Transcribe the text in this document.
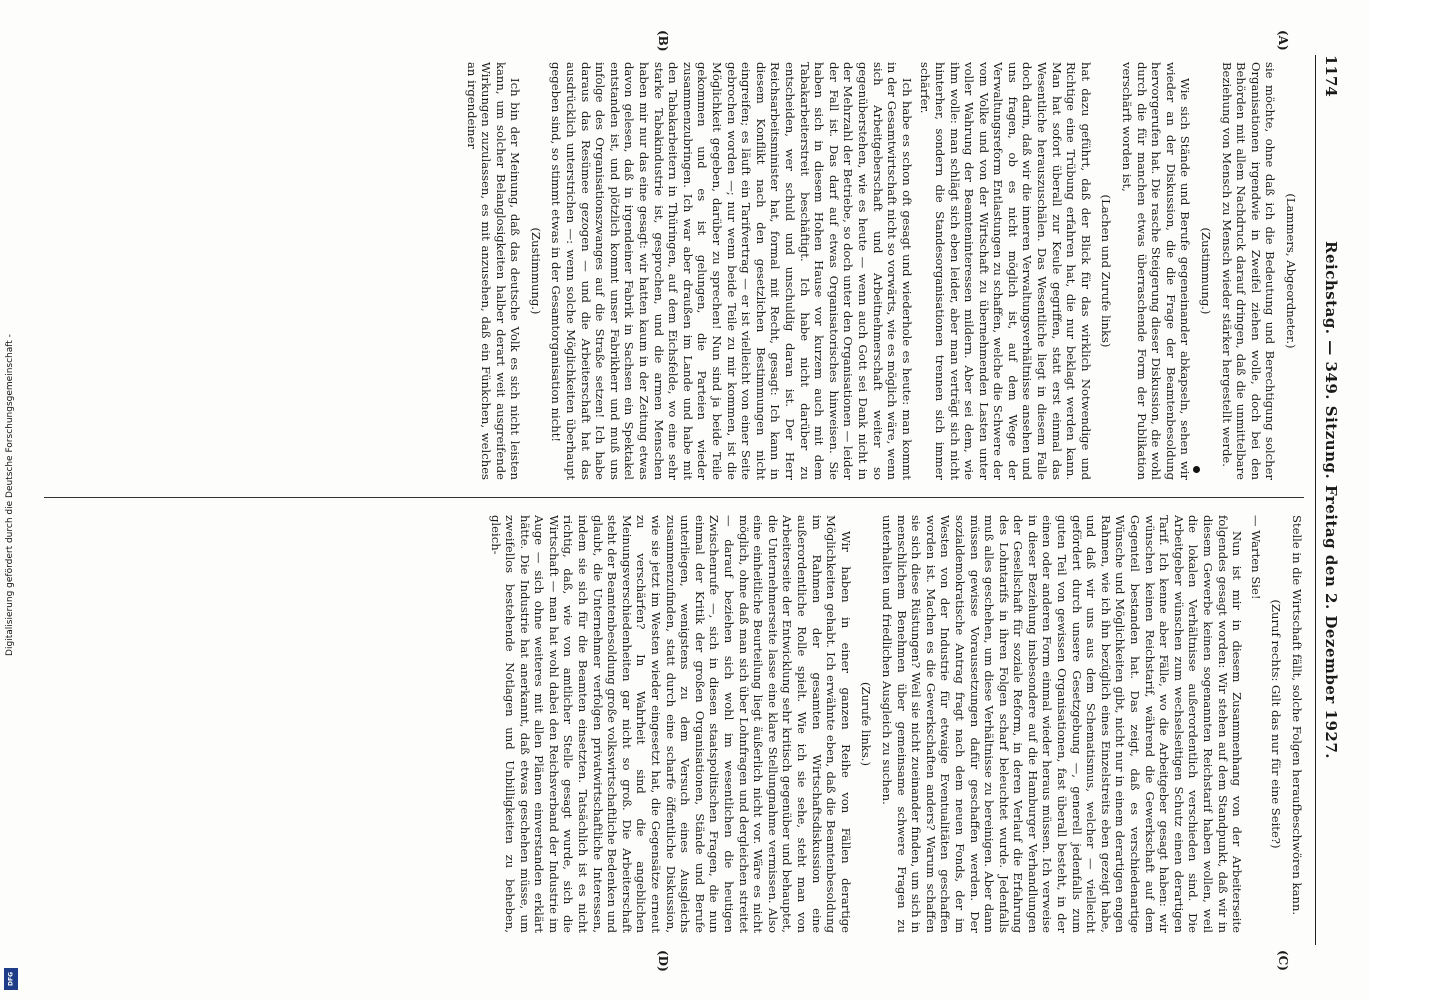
1174
Reichstag. — 349. Sitzung. Freitag den 2. Dezember 1927.
(A)
(B)
(C)
(D)

(Lammers, Abgeordneter.)

sie möchte, ohne daß ich die Bedeutung und Berechtigung solcher Organisationen irgendwie in Zweifel ziehen wolle, doch bei den Behörden mit allem Nachdruck darauf dringen, daß die unmittelbare Beziehung von Mensch zu Mensch wieder stärker hergestellt werde.

(Zustimmung.)

Wie sich Stände und Berufe gegeneinander abkapseln, sehen wir wieder an der Diskussion, die die Frage der Beamtenbesoldung hervorgerufen hat. Die rasche Steigerung dieser Diskussion, die wohl durch die für manchen etwas überraschende Form der Publikation verschärft worden ist,

(Lachen und Zurufe links)

hat dazu geführt, daß der Blick für das wirklich Notwendige und Richtige eine Trübung erfahren hat, die nur beklagt werden kann. Man hat sofort überall zur Keule gegriffen, statt erst einmal das Wesentliche herauszuschälen. Das Wesentliche liegt in diesem Falle doch darin, daß wir die inneren Verwaltungsverhältnisse ansehen und uns fragen, ob es nicht möglich ist, auf dem Wege der Verwaltungsreform Entlastungen zu schaffen, welche die Schwere der vom Volke und von der Wirtschaft zu übernehmenden Lasten unter voller Wahrung der Beamteninteressen mildern. Aber sei dem, wie ihm wolle: man schlägt sich eben leider, aber man verträgt sich nicht hinterher, sondern die Standesorganisationen trennen sich immer schärfer.

Ich habe es schon oft gesagt und wiederhole es heute: man kommt in der Gesamtwirtschaft nicht so vorwärts, wie es möglich wäre, wenn sich Arbeitgeberschaft und Arbeitnehmerschaft weiter so gegenüberstehen, wie es heute — wenn auch Gott sei Dank nicht in der Mehrzahl der Betriebe, so doch unter den Organisationen — leider der Fall ist. Das darf auf etwas Organisatorisches hinweisen. Sie haben sich in diesem Hohen Hause vor kurzem auch mit dem Tabakarbeiterstreit beschäftigt. Ich habe nicht darüber zu entscheiden, wer schuld und unschuldig daran ist. Der Herr Reichsarbeitsminister hat, formal mit Recht, gesagt: Ich kann in diesem Konflikt nach den gesetzlichen Bestimmungen nicht eingreifen; es läuft ein Tarifvertrag — er ist vielleicht von einer Seite gebrochen worden —; nur wenn beide Teile zu mir kommen, ist die Möglichkeit gegeben, darüber zu sprechen! Nun sind ja beide Teile gekommen und es ist gelungen, die Parteien wieder zusammenzubringen. Ich war aber draußen im Lande und habe mit den Tabakarbeitern in Thüringen, auf dem Eichsfelde, wo eine sehr starke Tabakindustrie ist, gesprochen, und die armen Menschen haben mir nur das eine gesagt: wir hatten kaum in der Zeitung etwas davon gelesen, daß in irgendeiner Fabrik in Sachsen ein Spektakel entstanden ist, und plötzlich kommt unser Fabrikherr und muß uns infolge des Organisationszwanges auf die Straße setzen! Ich habe daraus das Resümee gezogen — und die Arbeiterschaft hat das ausdrücklich unterstrichen —: wenn solche Möglichkeiten überhaupt gegeben sind, so stimmt etwas in der Gesamtorganisation nicht!

(Zustimmung.)

Ich bin der Meinung, daß das deutsche Volk es sich nicht leisten kann, um solcher Belanglosigkeiten halber derart weit ausgreifende Wirkungen zuzulassen, es mit anzusehen, daß ein Fünkchen, welches an irgendeiner

Stelle in die Wirtschaft fällt, solche Folgen heraufbeschwören kann.

(Zuruf rechts: Gilt das nur für eine Seite?)

— Warten Sie!

Nun ist mir in diesem Zusammenhang von der Arbeiterseite folgendes gesagt worden: Wir stehen auf dem Standpunkt, daß wir in diesem Gewerbe keinen sogenannten Reichstarif haben wollen, weil die lokalen Verhältnisse außerordentlich verschieden sind. Die Arbeitgeber wünschen zum wechselseitigen Schutz einen derartigen Tarif. Ich kenne aber Fälle, wo die Arbeitgeber gesagt haben: wir wünschen keinen Reichstarif, während die Gewerkschaft auf dem Gegenteil bestanden hat. Das zeigt, daß es verschiedenartige Wünsche und Möglichkeiten gibt, nicht nur in einem derartigen engen Rahmen, wie ich ihn bezüglich eines Einzelstreits eben gezeigt habe, und daß wir uns aus dem Schematismus, welcher — vielleicht gefördert durch unsere Gesetzgebung —, generell jedenfalls zum guten Teil von gewissen Organisationen, fast überall besteht, in der einen oder anderen Form einmal wieder heraus müssen. Ich verweise in dieser Beziehung insbesondere auf die Hamburger Verhandlungen der Gesellschaft für soziale Reform, in deren Verlauf die Erfahrung des Lohntarifs in ihren Folgen scharf beleuchtet wurde. Jedenfalls muß alles geschehen, um diese Verhältnisse zu bereinigen. Aber dann müssen gewisse Voraussetzungen dafür geschaffen werden. Der sozialdemokratische Antrag fragt nach dem neuen Fonds, der im Westen von der Industrie für etwaige Eventualitäten geschaffen worden ist. Machen es die Gewerkschaften anders? Warum schaffen sie sich diese Rüstungen? Weil sie nicht zueinander finden, um sich in menschlichem Benehmen über gemeinsame schwere Fragen zu unterhalten und friedlichen Ausgleich zu suchen.

(Zurufe links.)

Wir haben in einer ganzen Reihe von Fällen derartige Möglichkeiten gehabt. Ich erwähnte eben, daß die Beamtenbesoldung im Rahmen der gesamten Wirtschaftsdiskussion eine außerordentliche Rolle spielt. Wie ich sie sehe, steht man von Arbeiterseite der Entwicklung sehr kritisch gegenüber und behauptet, die Unternehmerseite lasse eine klare Stellungnahme vermissen. Also eine einheitliche Beurteilung liegt äußerlich nicht vor. Wäre es nicht möglich, ohne daß man sich über Lohnfragen und dergleichen streitet — darauf beziehen sich wohl im wesentlichen die heutigen Zwischenrufe —, sich in diesen staatspolitischen Fragen, die nun einmal der Kritik der großen Organisationen, Stände und Berufe unterliegen, wenigstens zu dem Versuch eines Ausgleichs zusammenzufinden, statt durch eine scharfe öffentliche Diskussion, wie sie jetzt im Westen wieder eingesetzt hat, die Gegensätze erneut zu verschärfen? In Wahrheit sind die angeblichen Meinungsverschiedenheiten gar nicht so groß. Die Arbeiterschaft steht der Beamtenbesoldung große volkswirtschaftliche Bedenken und glaubt, die Unternehmer verfolgen privatwirtschaftliche Interessen, indem sie sich für die Beamten einsetzten. Tatsächlich ist es nicht richtig, daß, wie von amtlicher Stelle gesagt wurde, sich die Wirtschaft — man hat wohl dabei den Reichsverband der Industrie im Auge — sich ohne weiteres mit allen Plänen einverstanden erklärt hätte. Die Industrie hat anerkannt, daß etwas geschehen müsse, um zweifellos bestehende Notlagen und Unbilligkeiten zu beheben, gleich-

Digitalisierung gefördert durch die Deutsche Forschungsgemeinschaft -
DFG
